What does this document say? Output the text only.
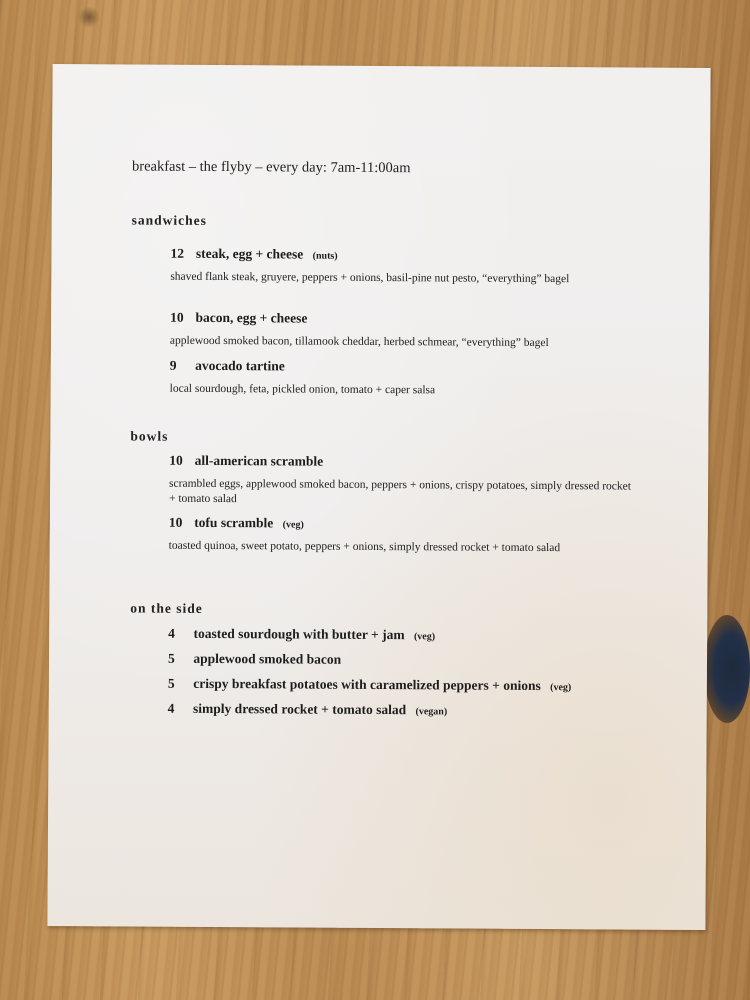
breakfast – the flyby – every day: 7am-11:00am
sandwiches
12 steak, egg + cheese (nuts)
shaved flank steak, gruyere, peppers + onions, basil-pine nut pesto, “everything” bagel
10 bacon, egg + cheese
applewood smoked bacon, tillamook cheddar, herbed schmear, “everything” bagel
9 avocado tartine
local sourdough, feta, pickled onion, tomato + caper salsa
bowls
10 all-american scramble
scrambled eggs, applewood smoked bacon, peppers + onions, crispy potatoes, simply dressed rocket + tomato salad
10 tofu scramble (veg)
toasted quinoa, sweet potato, peppers + onions, simply dressed rocket + tomato salad
on the side
4 toasted sourdough with butter + jam (veg)
5 applewood smoked bacon
5 crispy breakfast potatoes with caramelized peppers + onions (veg)
4 simply dressed rocket + tomato salad (vegan)
